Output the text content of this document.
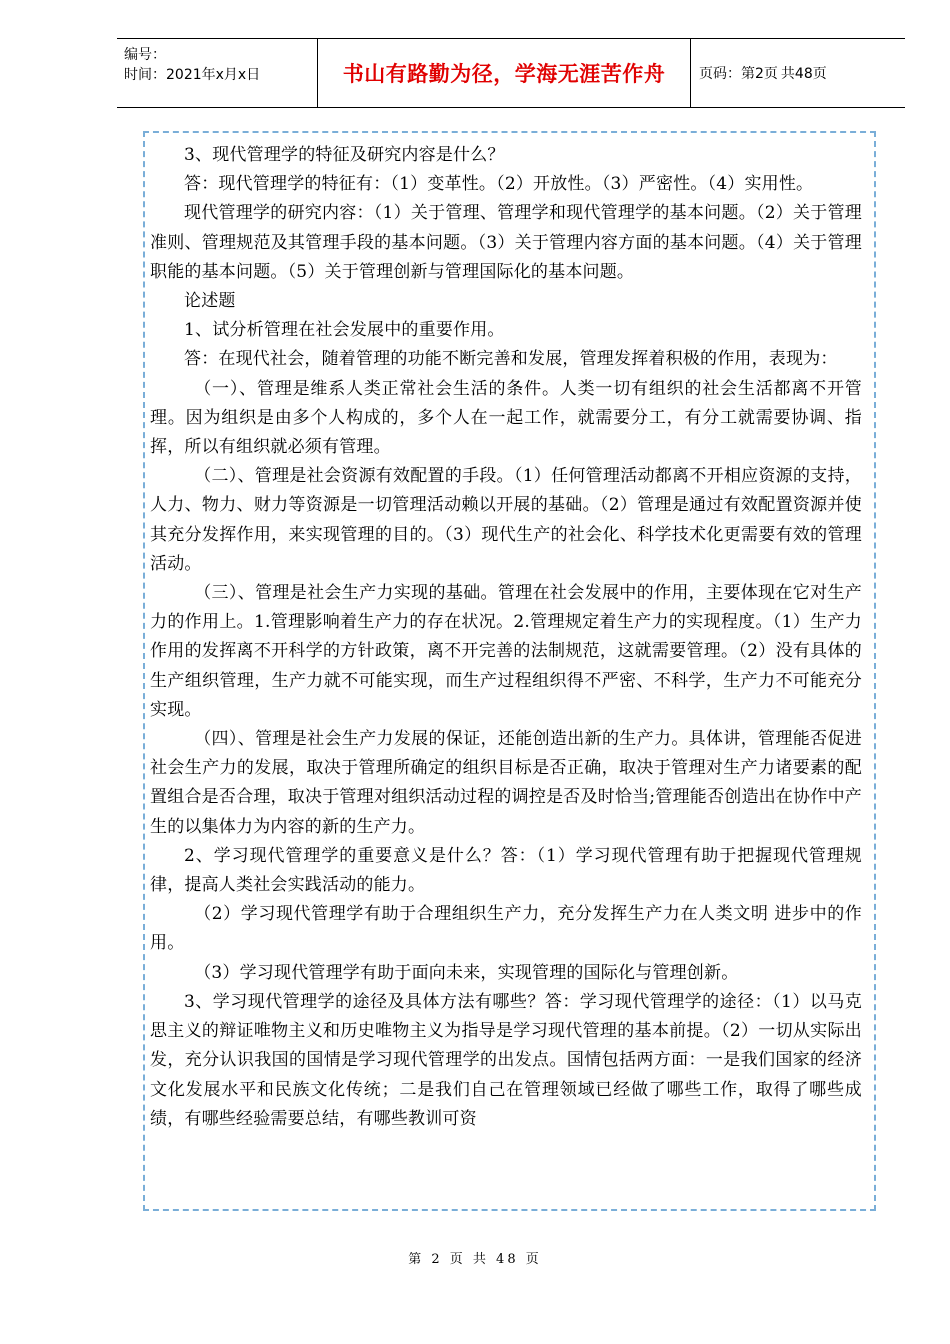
编号：
时间：2021年x月x日	书山有路勤为径，学海无涯苦作舟 页码：第2页 共48页

3、现代管理学的特征及研究内容是什么？

答：现代管理学的特征有：（1）变革性。（2）开放性。（3）严密性。（4）实用性。

现代管理学的研究内容：（1）关于管理、管理学和现代管理学的基本问题。（2）关于管理准则、管理规范及其管理手段的基本问题。（3）关于管理内容方面的基本问题。（4）关于管理职能的基本问题。（5）关于管理创新与管理国际化的基本问题。

论述题

1、试分析管理在社会发展中的重要作用。

答：在现代社会，随着管理的功能不断完善和发展，管理发挥着积极的作用，表现为：

（一）、管理是维系人类正常社会生活的条件。人类一切有组织的社会生活都离不开管理。因为组织是由多个人构成的，多个人在一起工作，就需要分工，有分工就需要协调、指挥，所以有组织就必须有管理。

（二）、管理是社会资源有效配置的手段。（1）任何管理活动都离不开相应资源的支持，人力、物力、财力等资源是一切管理活动赖以开展的基础。（2）管理是通过有效配置资源并使其充分发挥作用，来实现管理的目的。（3）现代生产的社会化、科学技术化更需要有效的管理活动。

（三）、管理是社会生产力实现的基础。管理在社会发展中的作用，主要体现在它对生产力的作用上。1.管理影响着生产力的存在状况。2.管理规定着生产力的实现程度。（1）生产力作用的发挥离不开科学的方针政策，离不开完善的法制规范，这就需要管理。（2）没有具体的生产组织管理，生产力就不可能实现，而生产过程组织得不严密、不科学，生产力不可能充分实现。

（四）、管理是社会生产力发展的保证，还能创造出新的生产力。具体讲，管理能否促进社会生产力的发展，取决于管理所确定的组织目标是否正确，取决于管理对生产力诸要素的配置组合是否合理，取决于管理对组织活动过程的调控是否及时恰当;管理能否创造出在协作中产生的以集体力为内容的新的生产力。

2、学习现代管理学的重要意义是什么？答：（1）学习现代管理有助于把握现代管理规律，提高人类社会实践活动的能力。

（2）学习现代管理学有助于合理组织生产力，充分发挥生产力在人类文明 进步中的作用。

（3）学习现代管理学有助于面向未来，实现管理的国际化与管理创新。

3、学习现代管理学的途径及具体方法有哪些？答：学习现代管理学的途径：（1）以马克思主义的辩证唯物主义和历史唯物主义为指导是学习现代管理的基本前提。（2）一切从实际出发，充分认识我国的国情是学习现代管理学的出发点。国情包括两方面：一是我们国家的经济文化发展水平和民族文化传统；二是我们自己在管理领域已经做了哪些工作，取得了哪些成绩，有哪些经验需要总结，有哪些教训可资

第 2 页 共 48 页
